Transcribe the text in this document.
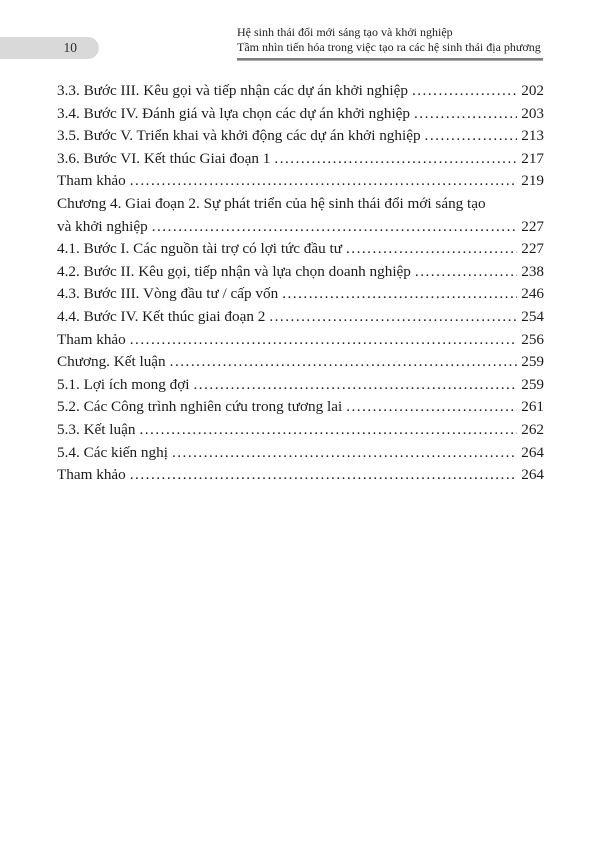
10
Hệ sinh thái đổi mới sáng tạo và khởi nghiệp
Tầm nhìn tiến hóa trong việc tạo ra các hệ sinh thái địa phương
3.3. Bước III. Kêu gọi và tiếp nhận các dự án khởi nghiệp .....	202
3.4. Bước IV. Đánh giá và lựa chọn các dự án khởi nghiệp .....	203
3.5. Bước V. Triển khai và khởi động các dự án khởi nghiệp .....	213
3.6. Bước VI. Kết thúc Giai đoạn 1 .....	217
Tham khảo .....	219
Chương 4. Giai đoạn 2. Sự phát triển của hệ sinh thái đổi mới sáng tạo
và khởi nghiệp .....	227
4.1. Bước I. Các nguồn tài trợ có lợi tức đầu tư .....	227
4.2. Bước II. Kêu gọi, tiếp nhận và lựa chọn doanh nghiệp .....	238
4.3. Bước III. Vòng đầu tư / cấp vốn .....	246
4.4. Bước IV. Kết thúc giai đoạn 2 .....	254
Tham khảo .....	256
Chương. Kết luận .....	259
5.1. Lợi ích mong đợi .....	259
5.2. Các Công trình nghiên cứu trong tương lai .....	261
5.3. Kết luận .....	262
5.4. Các kiến nghị .....	264
Tham khảo .....	264
